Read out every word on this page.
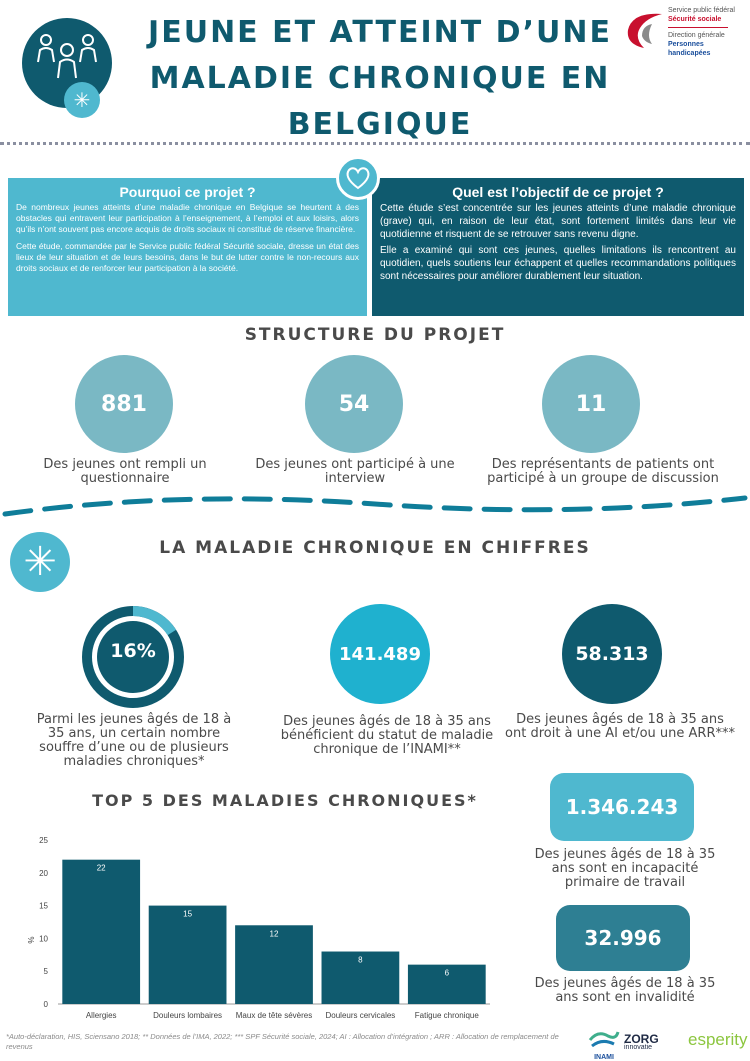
✳
JEUNE ET ATTEINT D’UNE
MALADIE CHRONIQUE EN
BELGIQUE
Service public fédéral
Sécurité sociale
Direction générale
Personnes handicapées
Pourquoi ce projet ?

De nombreux jeunes atteints d’une maladie chronique en Belgique se heurtent à des obstacles qui entravent leur participation à l’enseignement, à l’emploi et aux loisirs, alors qu’ils n’ont souvent pas encore acquis de droits sociaux ni constitué de réserve financière.

Cette étude, commandée par le Service public fédéral Sécurité sociale, dresse un état des lieux de leur situation et de leurs besoins, dans le but de lutter contre le non-recours aux droits sociaux et de renforcer leur participation à la société.

Quel est l’objectif de ce projet ?

Cette étude s’est concentrée sur les jeunes atteints d’une maladie chronique (grave) qui, en raison de leur état, sont fortement limités dans leur vie quotidienne et risquent de se retrouver sans revenu digne.

Elle a examiné qui sont ces jeunes, quelles limitations ils rencontrent au quotidien, quels soutiens leur échappent et quelles recommandations politiques sont nécessaires pour améliorer durablement leur situation.

STRUCTURE DU PROJET
881	54	11
Des jeunes ont rempli un questionnaire
Des jeunes ont participé à une interview
Des représentants de patients ont participé à un groupe de discussion
✳	LA MALADIE CHRONIQUE EN CHIFFRES
16%	141.489	58.313
Parmi les jeunes âgés de 18 à 35 ans, un certain nombre souffre d’une ou de plusieurs maladies chroniques*
Des jeunes âgés de 18 à 35 ans bénéficient du statut de maladie chronique de l’INAMI**
Des jeunes âgés de 18 à 35 ans ont droit à une AI et/ou une ARR***
1.346.243
Des jeunes âgés de 18 à 35 ans sont en incapacité primaire de travail
32.996
Des jeunes âgés de 18 à 35 ans sont en invalidité
TOP 5 DES MALADIES CHRONIQUES*
0
5
10
15
20
25
%
22
Allergies
15
Douleurs lombaires
12
Maux de tête sévères
8
Douleurs cervicales
6
Fatigue chronique
*Auto-déclaration, HIS, Sciensano 2018; ** Données de l’IMA, 2022; *** SPF Sécurité sociale, 2024; AI : Allocation d’intégration ; ARR : Allocation de remplacement de revenus
INAMI
ZORG
innovatie	esperity
